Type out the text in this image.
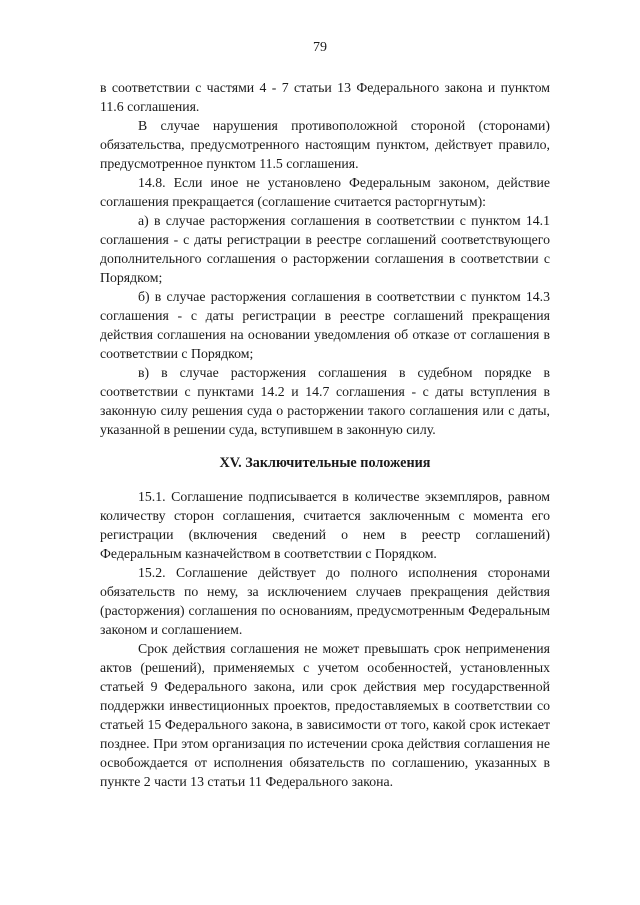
79

в соответствии с частями 4 - 7 статьи 13 Федерального закона и пунктом 11.6 соглашения.

В случае нарушения противоположной стороной (сторонами) обязательства, предусмотренного настоящим пунктом, действует правило, предусмотренное пунктом 11.5 соглашения.

14.8. Если иное не установлено Федеральным законом, действие соглашения прекращается (соглашение считается расторгнутым):

а) в случае расторжения соглашения в соответствии с пунктом 14.1 соглашения - с даты регистрации в реестре соглашений соответствующего дополнительного соглашения о расторжении соглашения в соответствии с Порядком;

б) в случае расторжения соглашения в соответствии с пунктом 14.3 соглашения - с даты регистрации в реестре соглашений прекращения действия соглашения на основании уведомления об отказе от соглашения в соответствии с Порядком;

в) в случае расторжения соглашения в судебном порядке в соответствии с пунктами 14.2 и 14.7 соглашения - с даты вступления в законную силу решения суда о расторжении такого соглашения или с даты, указанной в решении суда, вступившем в законную силу.

XV. Заключительные положения

15.1. Соглашение подписывается в количестве экземпляров, равном количеству сторон соглашения, считается заключенным с момента его регистрации (включения сведений о нем в реестр соглашений) Федеральным казначейством в соответствии с Порядком.

15.2. Соглашение действует до полного исполнения сторонами обязательств по нему, за исключением случаев прекращения действия (расторжения) соглашения по основаниям, предусмотренным Федеральным законом и соглашением.

Срок действия соглашения не может превышать срок неприменения актов (решений), применяемых с учетом особенностей, установленных статьей 9 Федерального закона, или срок действия мер государственной поддержки инвестиционных проектов, предоставляемых в соответствии со статьей 15 Федерального закона, в зависимости от того, какой срок истекает позднее. При этом организация по истечении срока действия соглашения не освобождается от исполнения обязательств по соглашению, указанных в пункте 2 части 13 статьи 11 Федерального закона.
